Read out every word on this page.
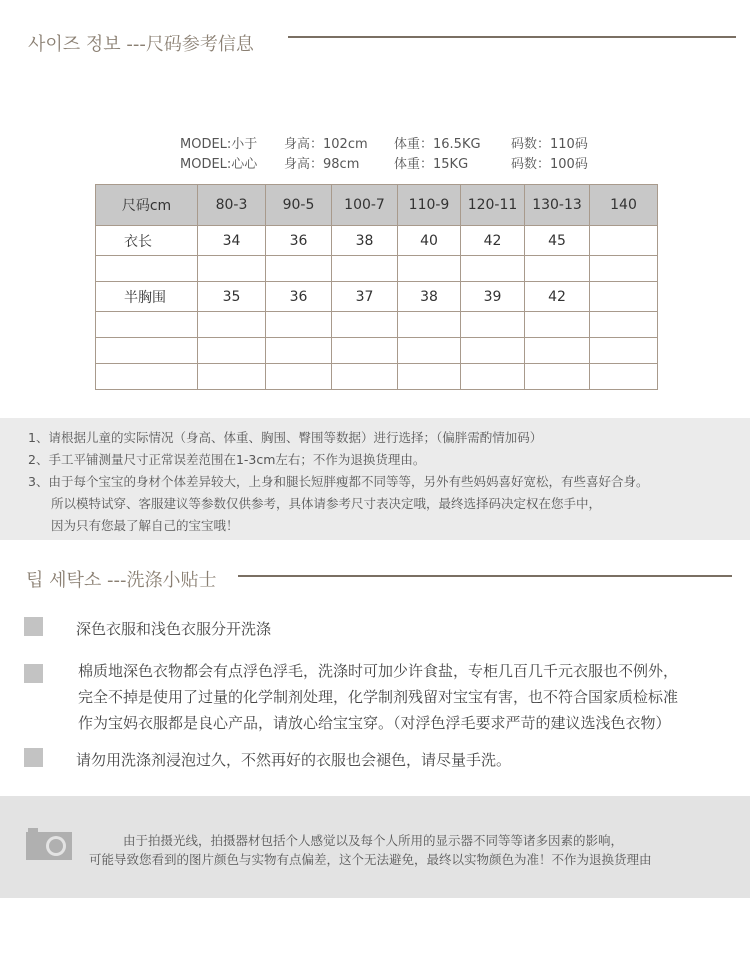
사이즈 정보 ---尺码参考信息
MODEL:小于 身高：102cm 体重：16.5KG 码数：110码
MODEL:心心 身高：98cm	体重：15KG	码数：100码
尺码cm	80-3	90-5	100-7	110-9	120-11	130-13	140
衣长	34	36	38	40	42	45	

半胸围	35	36	37	38	39	42	

1、请根据儿童的实际情况（身高、体重、胸围、臀围等数据）进行选择；（偏胖需酌情加码）

2、手工平铺测量尺寸正常误差范围在1-3cm左右；不作为退换货理由。

3、由于每个宝宝的身材个体差异较大，上身和腿长短胖瘦都不同等等，另外有些妈妈喜好宽松，有些喜好合身。

所以模特试穿、客服建议等参数仅供参考，具体请参考尺寸表决定哦，最终选择码决定权在您手中，

因为只有您最了解自己的宝宝哦！

팁 세탁소 ---洗涤小贴士

深色衣服和浅色衣服分开洗涤

棉质地深色衣物都会有点浮色浮毛，洗涤时可加少许食盐，专柜几百几千元衣服也不例外，

完全不掉是使用了过量的化学制剂处理，化学制剂残留对宝宝有害，也不符合国家质检标准

作为宝妈衣服都是良心产品，请放心给宝宝穿。（对浮色浮毛要求严苛的建议选浅色衣物）

请勿用洗涤剂浸泡过久，不然再好的衣服也会褪色，请尽量手洗。

由于拍摄光线，拍摄器材包括个人感觉以及每个人所用的显示器不同等等诸多因素的影响，

可能导致您看到的图片颜色与实物有点偏差，这个无法避免，最终以实物颜色为准！不作为退换货理由
